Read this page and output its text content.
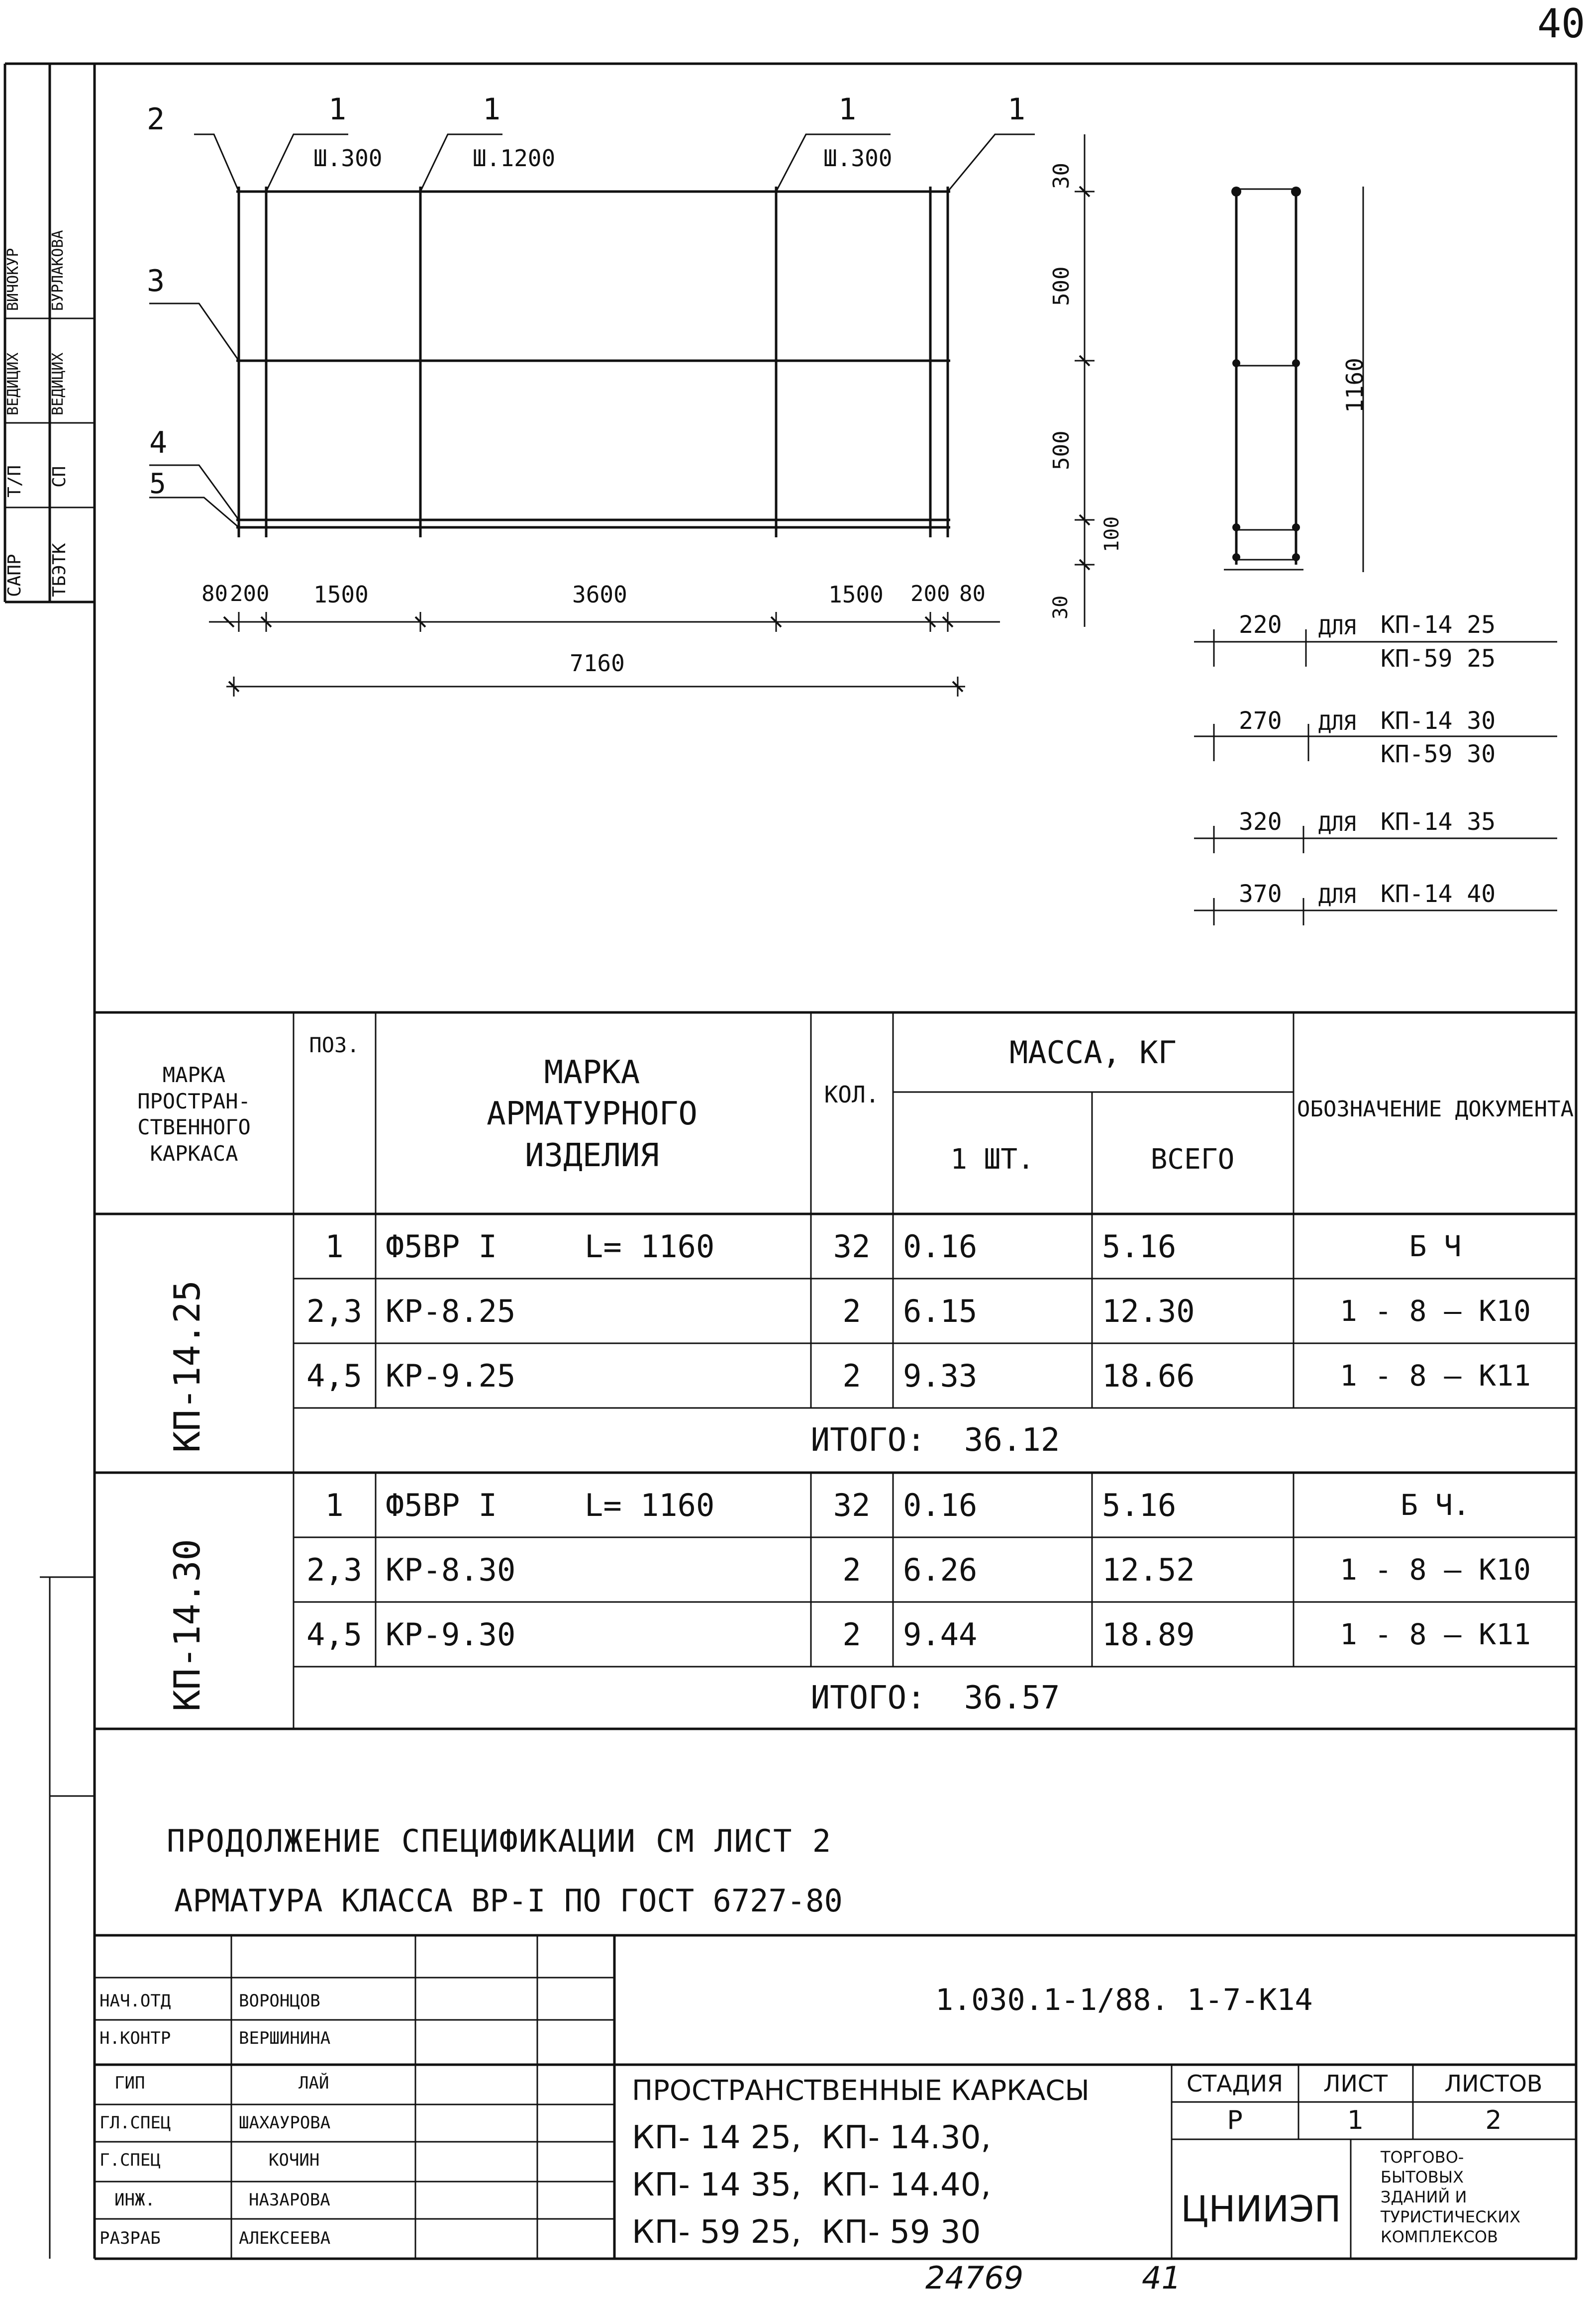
40
САПР ТБЭТК
Т/П СП
ВЕДИЦИХ ВЕДИЦИХ
ВИЧОКУР БУРЛАКОВА
2	1
Ш.300
1
Ш.1200
1
Ш.300
1
3
4
5
80 200 1500	3600	1500 200 80
7160
30
500
500
100
30
1160
220 ДЛЯ КП-14 25
КП-59 25
270 ДЛЯ КП-14 30
КП-59 30
320 ДЛЯ КП-14 35
370 ДЛЯ КП-14 40
МАРКА ПРОСТРАН- СТВЕННОГО КАРКАСА
ПОЗ.
МАРКА АРМАТУРНОГО ИЗДЕЛИЯ
КОЛ.
МАССА, КГ
1 ШТ.	ВСЕГО
ОБОЗНАЧЕНИЕ ДОКУМЕНТА
КП-14.25
1	Ф5ВР I	L= 1160	32	0.16	5.16	Б Ч
2,3 КР-8.25	2	6.15	12.30	1 - 8 — К10
4,5 КР-9.25	2	9.33	18.66	1 - 8 — К11
ИТОГО:  36.12
КП-14.30
1	Ф5ВР I	L= 1160	32	0.16	5.16	Б Ч.
2,3 КР-8.30	2	6.26	12.52	1 - 8 — К10
4,5 КР-9.30	2	9.44	18.89	1 - 8 — К11
ИТОГО:  36.57
ПРОДОЛЖЕНИЕ СПЕЦИФИКАЦИИ СМ ЛИСТ 2
АРМАТУРА КЛАССА ВР-I ПО ГОСТ 6727-80
1.030.1-1/88. 1-7-К14
НАЧ.ОТД	ВОРОНЦОВ
Н.КОНТР	ВЕРШИНИНА
ГИП	ЛАЙ
ГЛ.СПЕЦ	ШАХАУРОВА
Г.СПЕЦ	КОЧИН
ИНЖ.	НАЗАРОВА
РАЗРАБ	АЛЕКСЕЕВА
ПРОСТРАНСТВЕННЫЕ КАРКАСЫ
КП- 14 25,  КП- 14.30,
КП- 14 35,  КП- 14.40,
КП- 59 25,  КП- 59 30
СТАДИЯ	ЛИСТ	ЛИСТОВ
Р	1	2
ЦНИИЭП
ТОРГОВО-
БЫТОВЫХ
ЗДАНИЙ И
ТУРИСТИЧЕСКИХ
КОМПЛЕКСОВ
24769	41
